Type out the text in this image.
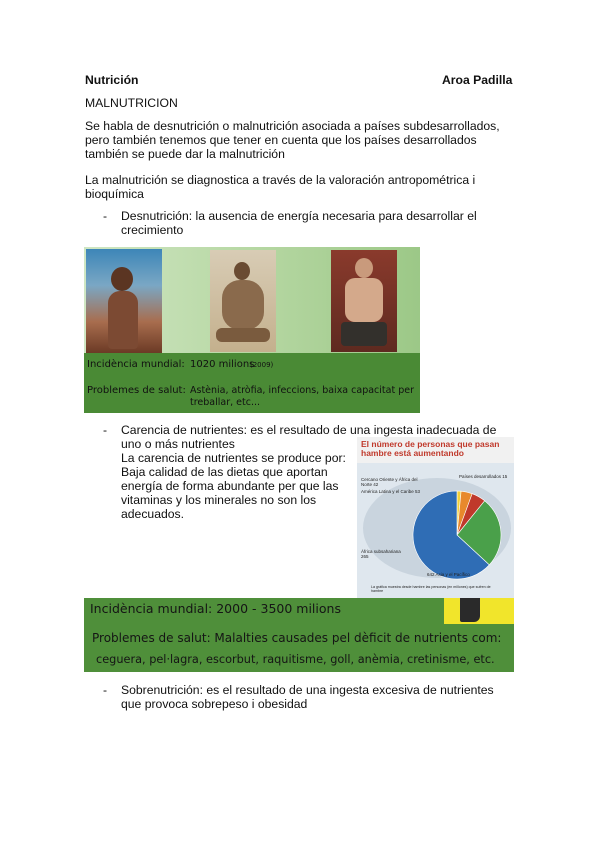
Nutrición	Aroa Padilla
MALNUTRICION
Se habla de desnutrición o malnutrición asociada a países subdesarrollados,
pero también tenemos que tener en cuenta que los países desarrollados
también se puede dar la malnutrición
La malnutrición se diagnostica a través de la valoración antropométrica i
bioquímica
- Desnutrición: la ausencia de energía necesaria para desarrollar el
crecimiento
Incidència mundial: 1020 milions
(2009)
Problemes de salut: Astènia, atròfia, infeccions, baixa capacitat per
treballar, etc...
- Carencia de nutrientes: es el resultado de una ingesta inadecuada de
uno o más nutrientes
La carencia de nutrientes se produce por:
Baja calidad de las dietas que aportan
energía de forma abundante per que las
vitaminas y los minerales no son los
adecuados.
El número de personas que pasan hambre está aumentando
Países desarrollados 15
Cercano Oriente y África del Norte 42
América Latina y el Caribe 53
África subsahariana
265
642 Asia y el Pacífico
La gráfica muestra desde hambre las personas (en millones) que sufren de hambre
Incidència mundial: 2000 - 3500 milions
Problemes de salut: Malalties causades pel dèficit de nutrients com:
ceguera, pel·lagra, escorbut, raquitisme, goll, anèmia, cretinisme, etc.
- Sobrenutrición: es el resultado de una ingesta excesiva de nutrientes
que provoca sobrepeso i obesidad
